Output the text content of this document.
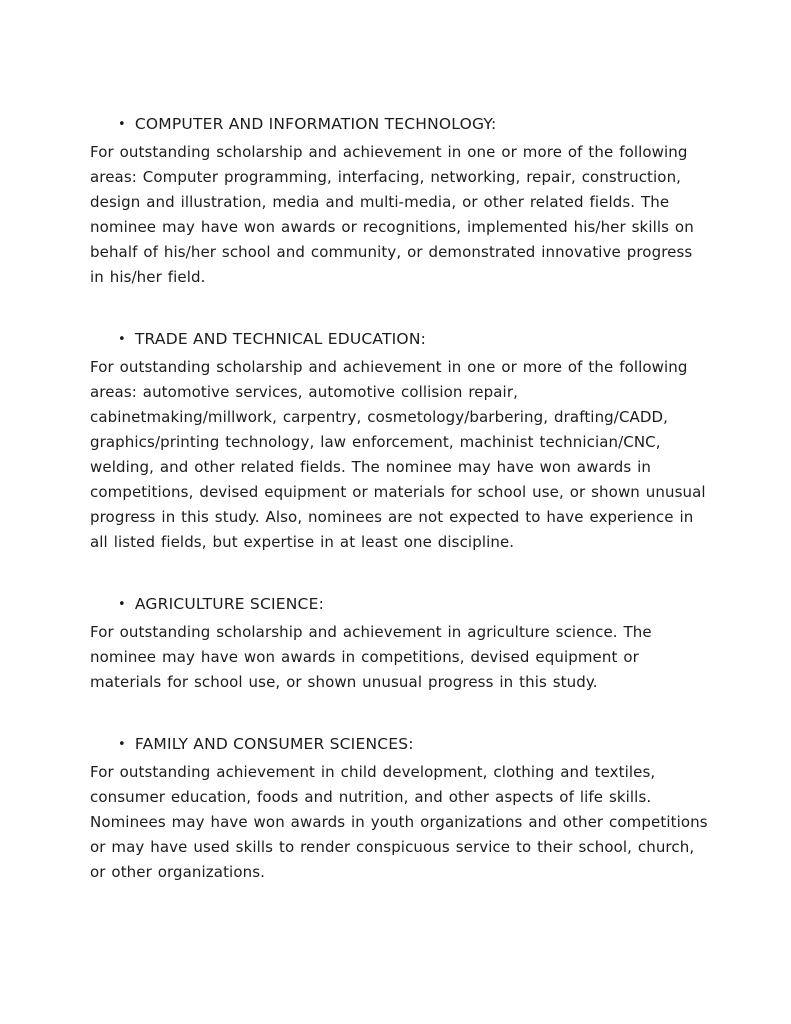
• COMPUTER AND INFORMATION TECHNOLOGY:

For outstanding scholarship and achievement in one or more of the following areas: Computer programming, interfacing, networking, repair, construction, design and illustration, media and multi-media, or other related fields. The nominee may have won awards or recognitions, implemented his/her skills on behalf of his/her school and community, or demonstrated innovative progress in his/her field.

• TRADE AND TECHNICAL EDUCATION:

For outstanding scholarship and achievement in one or more of the following areas: automotive services, automotive collision repair, cabinetmaking/millwork, carpentry, cosmetology/barbering, drafting/CADD, graphics/printing technology, law enforcement, machinist technician/CNC, welding, and other related fields. The nominee may have won awards in competitions, devised equipment or materials for school use, or shown unusual progress in this study. Also, nominees are not expected to have experience in all listed fields, but expertise in at least one discipline.

• AGRICULTURE SCIENCE:

For outstanding scholarship and achievement in agriculture science. The nominee may have won awards in competitions, devised equipment or materials for school use, or shown unusual progress in this study.

• FAMILY AND CONSUMER SCIENCES:

For outstanding achievement in child development, clothing and textiles, consumer education, foods and nutrition, and other aspects of life skills. Nominees may have won awards in youth organizations and other competitions or may have used skills to render conspicuous service to their school, church, or other organizations.
